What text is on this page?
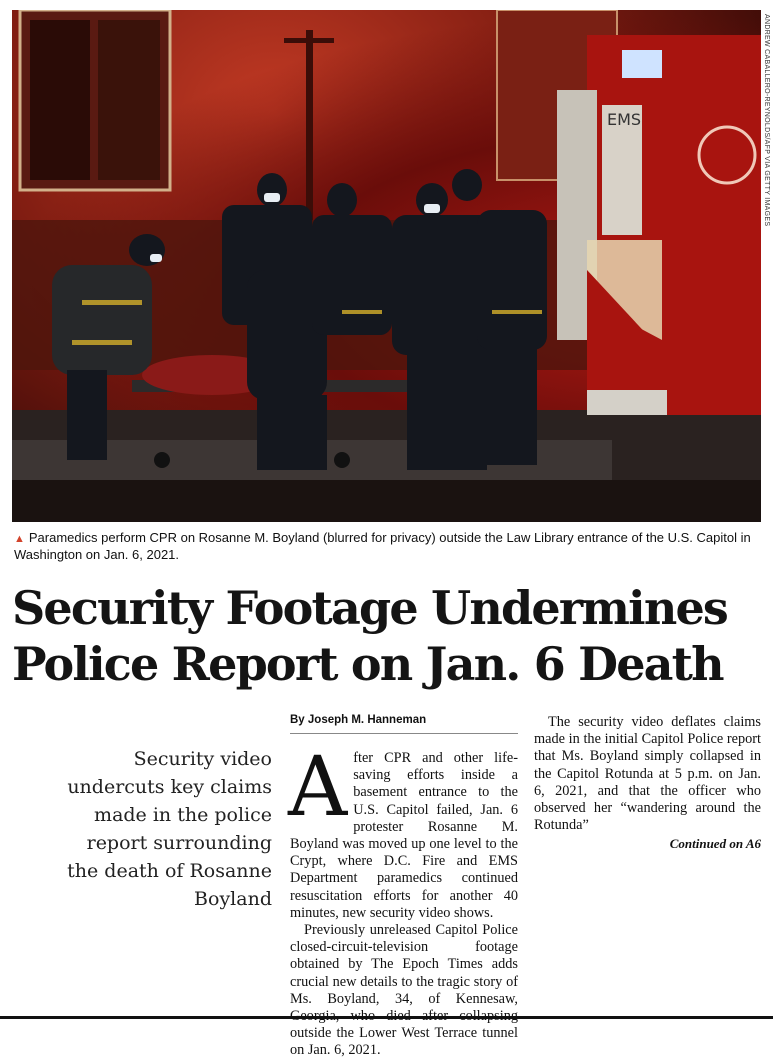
EMS	ANDREW CABALLERO-REYNOLDS/AFP VIA GETTY IMAGES
▲ Paramedics perform CPR on Rosanne M. Boyland (blurred for privacy) outside the Law Library entrance of the U.S. Capitol in Washington on Jan. 6, 2021.
Security Footage Undermines
Police Report on Jan. 6 Death
Security video undercuts key claims made in the police report surrounding the death of Rosanne Boyland
By Joseph M. Hanneman

After CPR and other life-saving efforts inside a basement entrance to the U.S. Capitol failed, Jan. 6 protester Rosanne M. Boyland was moved up one level to the Crypt, where D.C. Fire and EMS Department paramedics continued resuscitation efforts for another 40 minutes, new security video shows.

Previously unreleased Capitol Police closed-circuit-television footage obtained by The Epoch Times adds crucial new details to the tragic story of Ms. Boyland, 34, of Kennesaw, outside the Lower West Terrace tunnel on Jan. 6, 2021.

The security video deflates claims made in the initial Capitol Police report that Ms. Boyland simply collapsed in the Capitol Rotunda at 5 p.m. on Jan. 6, 2021, and that the officer who observed her “wandering around the Rotunda”

Continued on A6
